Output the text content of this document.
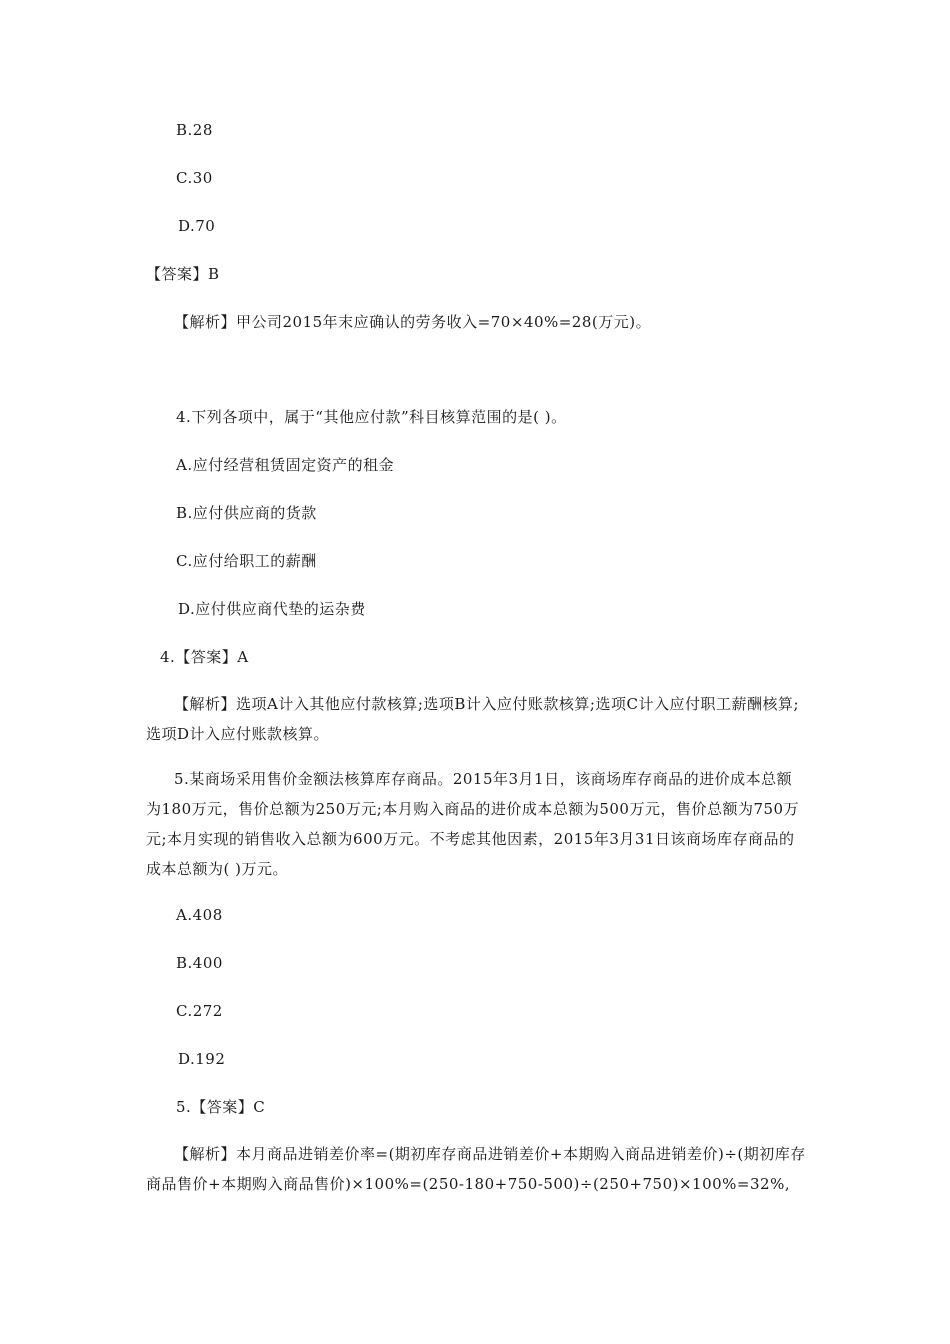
B.28
C.30
D.70
【答案】B
【解析】甲公司2015年末应确认的劳务收入=70×40%=28(万元)。
4.下列各项中，属于“其他应付款”科目核算范围的是( )。
A.应付经营租赁固定资产的租金
B.应付供应商的货款
C.应付给职工的薪酬
D.应付供应商代垫的运杂费
4.【答案】A
【解析】选项A计入其他应付款核算;选项B计入应付账款核算;选项C计入应付职工薪酬核算;选项D计入应付账款核算。
5.某商场采用售价金额法核算库存商品。2015年3月1日，该商场库存商品的进价成本总额为180万元，售价总额为250万元;本月购入商品的进价成本总额为500万元，售价总额为750万元;本月实现的销售收入总额为600万元。不考虑其他因素，2015年3月31日该商场库存商品的成本总额为( )万元。
A.408
B.400
C.272
D.192
5.【答案】C
【解析】本月商品进销差价率=(期初库存商品进销差价+本期购入商品进销差价)÷(期初库存商品售价+本期购入商品售价)×100%=(250-180+750-500)÷(250+750)×100%=32%,
